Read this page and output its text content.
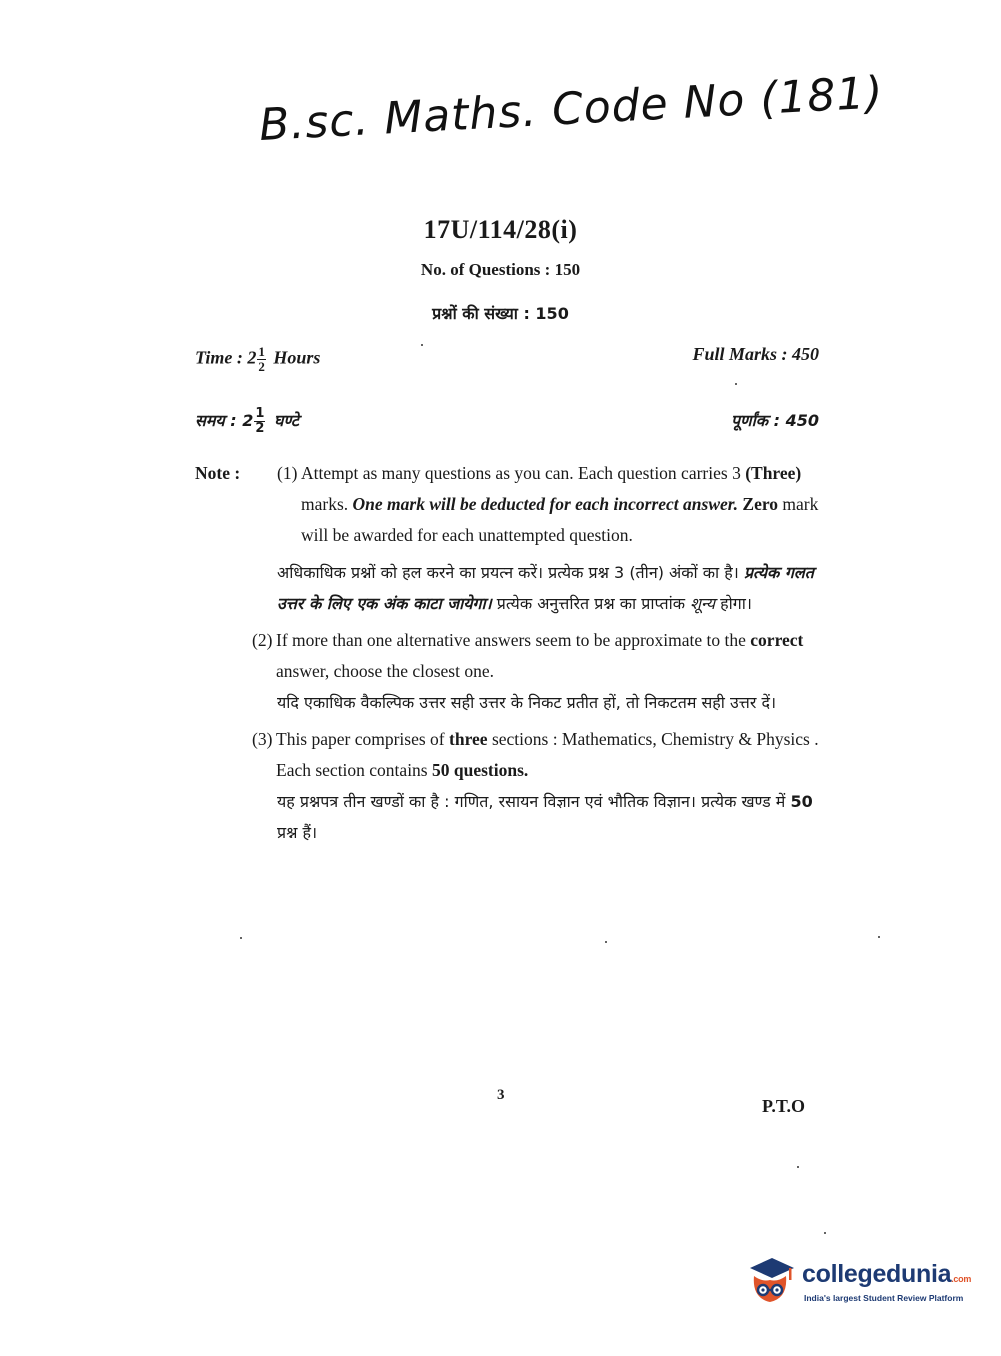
B.sc. Maths. Code No (181)
17U/114/28(i)
No. of Questions : 150
प्रश्नों की संख्या : 150
Time : $2 \frac{1}{2}$ Hours	Full Marks : 450
समय : $2 \frac{1}{2}$ घण्टे	पूर्णांक : 450
Note :	(1) Attempt as many questions as you can. Each question carries 3 (Three) marks. One mark will be deducted for each incorrect answer. Zero mark will be awarded for each unattempted question.
अधिकाधिक प्रश्नों को हल करने का प्रयत्न करें। प्रत्येक प्रश्न 3 (तीन) अंकों का है। प्रत्येक गलत उत्तर के लिए एक अंक काटा जायेगा। प्रत्येक अनुत्तरित प्रश्न का प्राप्तांक शून्य होगा।
(2) If more than one alternative answers seem to be approximate to the correct answer, choose the closest one.
यदि एकाधिक वैकल्पिक उत्तर सही उत्तर के निकट प्रतीत हों, तो निकटतम सही उत्तर दें।
(3) This paper comprises of three sections : Mathematics, Chemistry & Physics . Each section contains 50 questions.
यह प्रश्नपत्र तीन खण्डों का है : गणित, रसायन विज्ञान एवं भौतिक विज्ञान। प्रत्येक खण्ड में 50 प्रश्न हैं।
3
P.T.O
collegedunia.com
India's largest Student Review Platform
